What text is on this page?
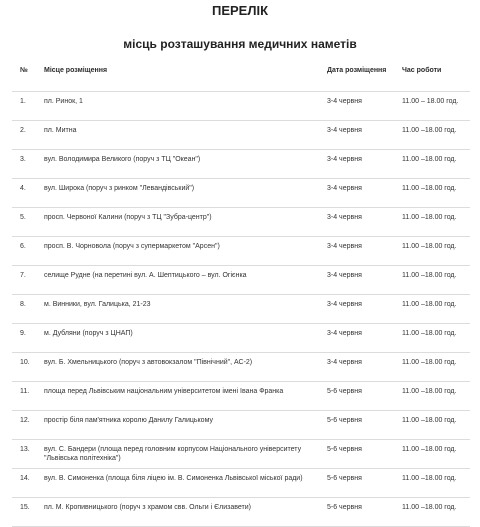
ПЕРЕЛІК
місць розташування медичних наметів
№	Місце розміщення	Дата розміщення	Час роботи
1.	пл. Ринок, 1	3-4 червня	11.00 – 18.00 год.
2.	пл. Митна	3-4 червня	11.00 –18.00 год.
3.	вул. Володимира Великого (поруч з ТЦ "Океан")	3-4 червня	11.00 –18.00 год.
4.	вул. Широка (поруч з ринком "Левандівський")	3-4 червня	11.00 –18.00 год.
5.	просп. Червоної Калини (поруч з ТЦ "Зубра-центр")	3-4 червня	11.00 –18.00 год.
6.	просп. В. Чорновола (поруч з супермаркетом "Арсен")	3-4 червня	11.00 –18.00 год.
7.	селище Рудне (на перетині вул. А. Шептицького – вул. Огієнка	3-4 червня	11.00 –18.00 год.
8.	м. Винники, вул. Галицька, 21-23	3-4 червня	11.00 –18.00 год.
9.	м. Дубляни (поруч з ЦНАП)	3-4 червня	11.00 –18.00 год.
10.	вул. Б. Хмельницького (поруч з автовокзалом "Північний", АС-2)	3-4 червня	11.00 –18.00 год.
11.	площа перед Львівським національним університетом імені Івана Франка	5-6 червня	11.00 –18.00 год.
12.	простір біля пам'ятника королю Данилу Галицькому	5-6 червня	11.00 –18.00 год.
13.	вул. С. Бандери (площа перед головним корпусом Національного університету "Львівська політехніка")	5-6 червня	11.00 –18.00 год.
14.	вул. В. Симоненка (площа біля ліцею ім. В. Симоненка Львівської міської ради)	5-6 червня	11.00 –18.00 год.
15.	пл. М. Кропивницького (поруч з храмом свв. Ольги і Єлизавети)	5-6 червня	11.00 –18.00 год.
